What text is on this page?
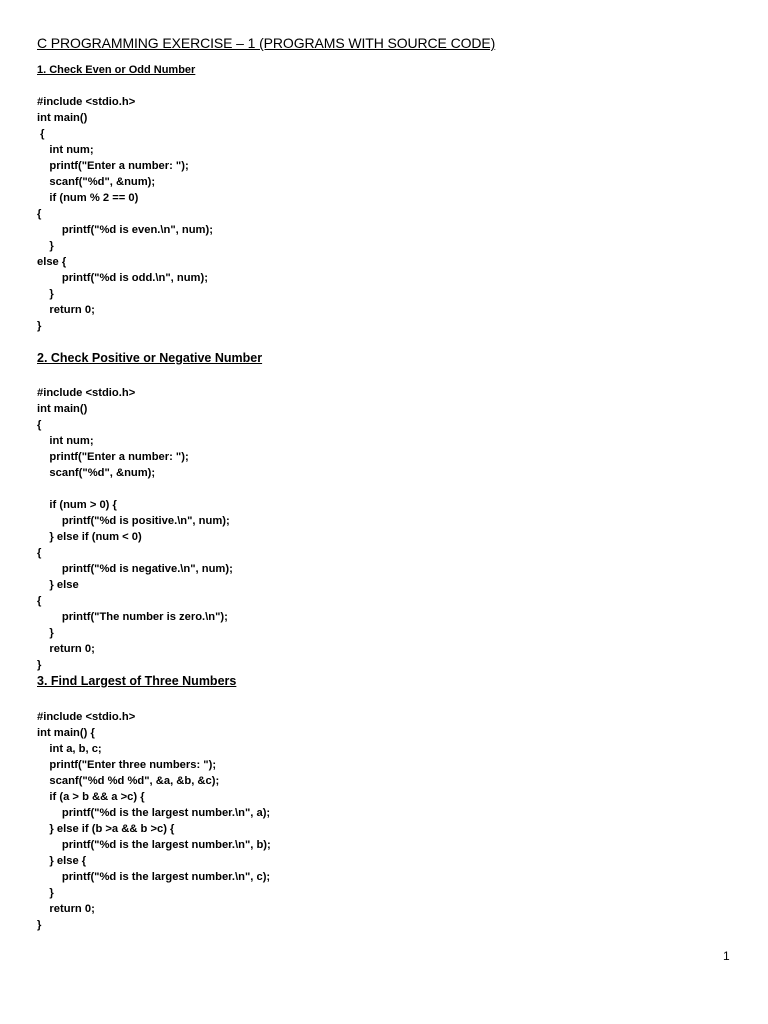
C PROGRAMMING EXERCISE – 1 (PROGRAMS WITH SOURCE CODE)
1. Check Even or Odd Number
#include <stdio.h>
int main()
{
int num;
printf("Enter a number: ");
scanf("%d", &num);
if (num % 2 == 0)
{
printf("%d is even.\n", num);
}
else {
printf("%d is odd.\n", num);
}
return 0;
}
2. Check Positive or Negative Number
#include <stdio.h>
int main()
{
int num;
printf("Enter a number: ");
scanf("%d", &num);
if (num > 0) {
printf("%d is positive.\n", num);
} else if (num < 0)
{
printf("%d is negative.\n", num);
} else
{
printf("The number is zero.\n");
}
return 0;
}
3. Find Largest of Three Numbers
#include <stdio.h>
int main() {
int a, b, c;
printf("Enter three numbers: ");
scanf("%d %d %d", &a, &b, &c);
if (a > b && a >c) {
printf("%d is the largest number.\n", a);
} else if (b >a && b >c) {
printf("%d is the largest number.\n", b);
} else {
printf("%d is the largest number.\n", c);
}
return 0;
}
1
